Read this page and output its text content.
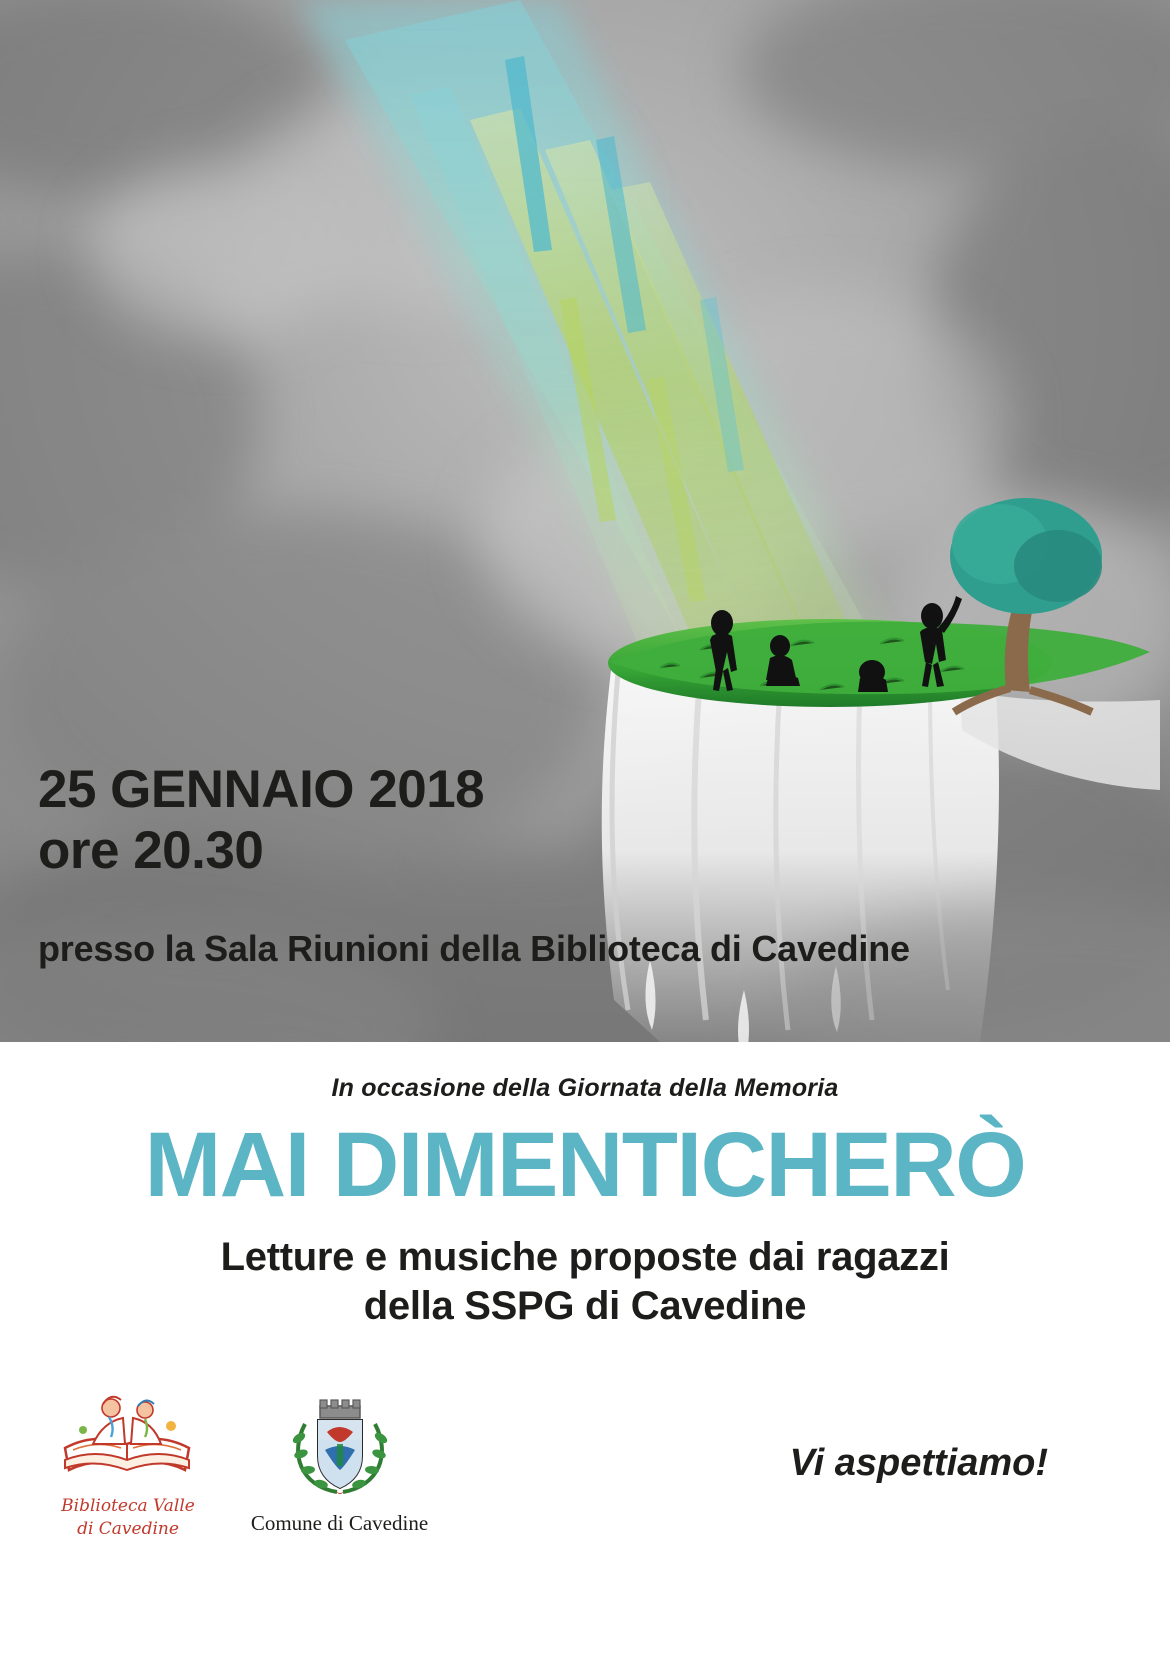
25 GENNAIO 2018
ore 20.30
presso la Sala Riunioni della Biblioteca di Cavedine
In occasione della Giornata della Memoria
MAI DIMENTICHERÒ
Letture e musiche proposte dai ragazzi
della SSPG di Cavedine
Vi aspettiamo!
Biblioteca Valle
di Cavedine	Comune di Cavedine
